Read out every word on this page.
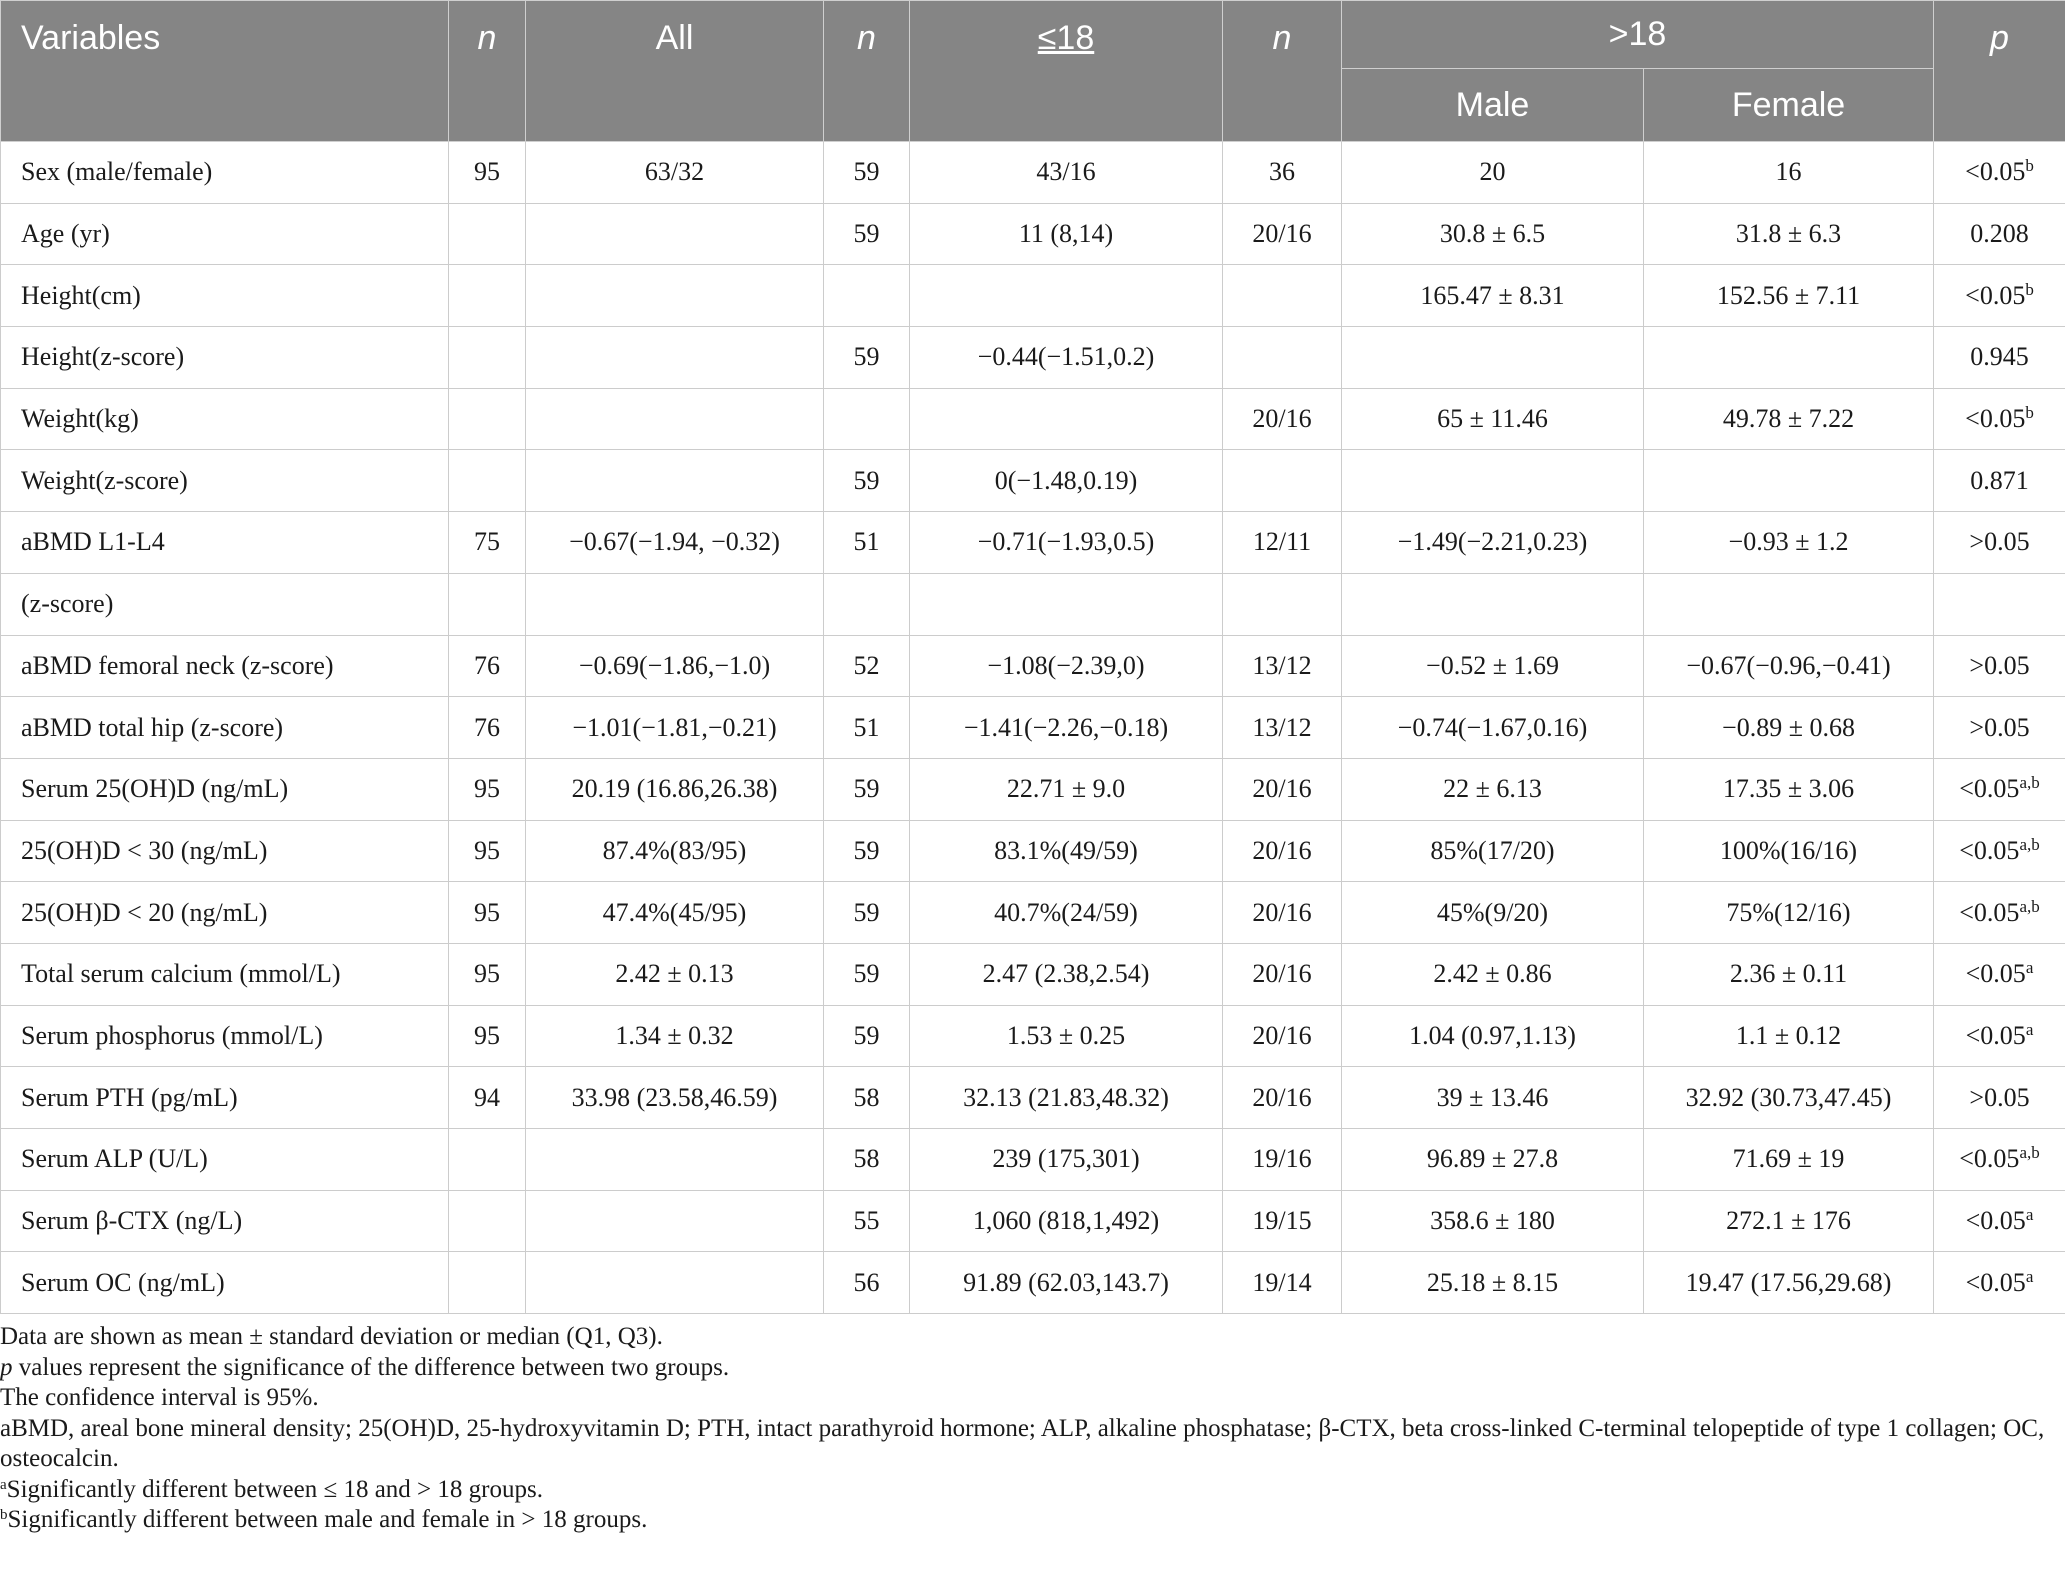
Variables	n	All	n	≤18	n	>18		p
						Male	Female	
Sex (male/female)	95	63/32	59	43/16	36	20	16	<0.05$^b$
Age (yr)			59	11 (8,14)	20/16	30.8 ± 6.5	31.8 ± 6.3	0.208
Height(cm)						165.47 ± 8.31	152.56 ± 7.11	<0.05$^b$
Height(z-score)			59	−0.44(−1.51,0.2)				0.945
Weight(kg)					20/16	65 ± 11.46	49.78 ± 7.22	<0.05$^b$
Weight(z-score)			59	0(−1.48,0.19)				0.871
aBMD L1-L4	75	−0.67(−1.94, −0.32)	51	−0.71(−1.93,0.5)	12/11	−1.49(−2.21,0.23)	−0.93 ± 1.2	>0.05
(z-score)								
aBMD femoral neck (z-score)	76	−0.69(−1.86,−1.0)	52	−1.08(−2.39,0)	13/12	−0.52 ± 1.69	−0.67(−0.96,−0.41)	>0.05
aBMD total hip (z-score)	76	−1.01(−1.81,−0.21)	51	−1.41(−2.26,−0.18)	13/12	−0.74(−1.67,0.16)	−0.89 ± 0.68	>0.05
Serum 25(OH)D (ng/mL)	95	20.19 (16.86,26.38)	59	22.71 ± 9.0	20/16	22 ± 6.13	17.35 ± 3.06	$<0.05^{a,b}$
25(OH)D < 30 (ng/mL)	95	87.4%(83/95)	59	83.1%(49/59)	20/16	85%(17/20)	100%(16/16)	$<0.05^{a,b}$
25(OH)D < 20 (ng/mL)	95	47.4%(45/95)	59	40.7%(24/59)	20/16	45%(9/20)	75%(12/16)	$<0.05^{a,b}$
Total serum calcium (mmol/L)	95	2.42 ± 0.13	59	2.47 (2.38,2.54)	20/16	2.42 ± 0.86	2.36 ± 0.11	<0.05$^a$
Serum phosphorus (mmol/L)	95	1.34 ± 0.32	59	1.53 ± 0.25	20/16	1.04 (0.97,1.13)	1.1 ± 0.12	<0.05$^a$
Serum PTH (pg/mL)	94	33.98 (23.58,46.59)	58	32.13 (21.83,48.32)	20/16	39 ± 13.46	32.92 (30.73,47.45)	>0.05
Serum ALP (U/L)			58	239 (175,301)	19/16	96.89 ± 27.8	71.69 ± 19	$<0.05^{a,b}$
Serum β-CTX (ng/L)			55	1,060 (818,1,492)	19/15	358.6 ± 180	272.1 ± 176	<0.05$^a$
Serum OC (ng/mL)			56	91.89 (62.03,143.7)	19/14	25.18 ± 8.15	19.47 (17.56,29.68)	<0.05$^a$

Data are shown as mean ± standard deviation or median (Q1, Q3).

p values represent the significance of the difference between two groups.

The confidence interval is 95%.

aBMD, areal bone mineral density; 25(OH)D, 25-hydroxyvitamin D; PTH, intact parathyroid hormone; ALP, alkaline phosphatase; β-CTX, beta cross-linked C-terminal telopeptide of type 1 collagen; OC, osteocalcin.

$^a$Significantly different between ≤ 18 and > 18 groups.

$^b$Significantly different between male and female in > 18 groups.
